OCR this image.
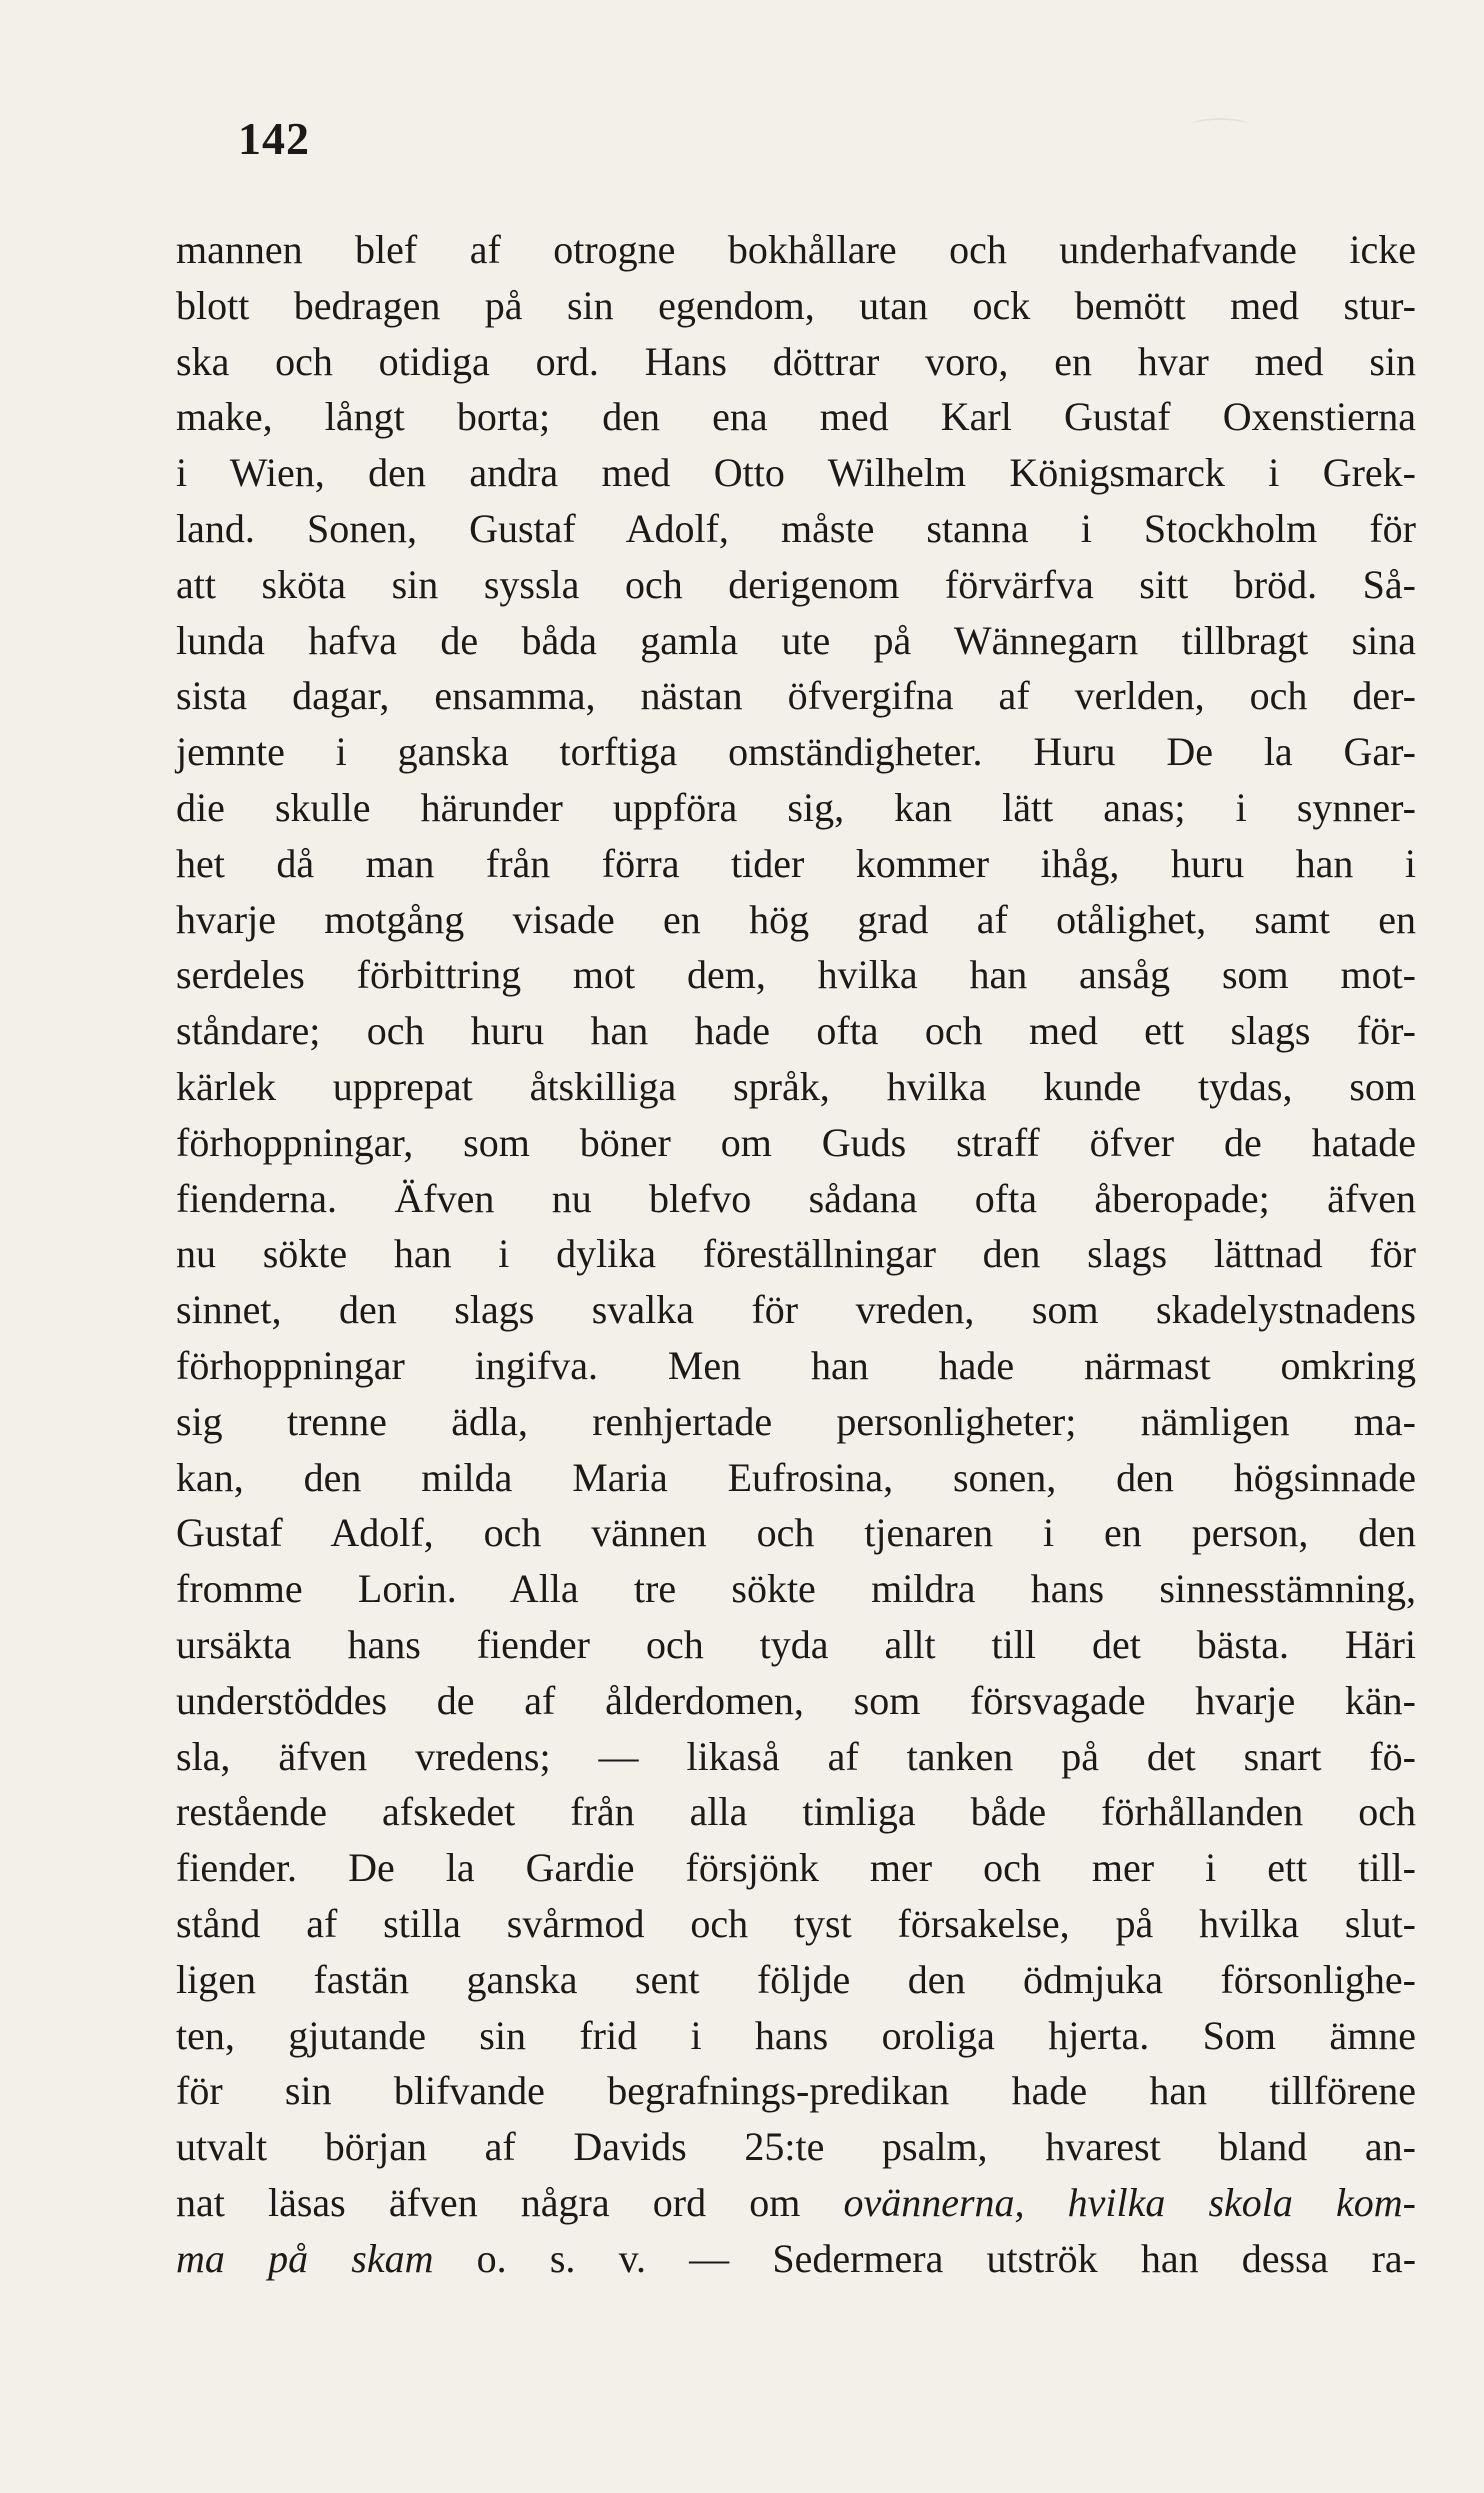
142
mannen blef af otrogne bokhållare och underhafvande icke
blott bedragen på sin egendom, utan ock bemött med stur-
ska och otidiga ord. Hans döttrar voro, en hvar med sin
make, långt borta; den ena med Karl Gustaf Oxenstierna
i Wien, den andra med Otto Wilhelm Königsmarck i Grek-
land. Sonen, Gustaf Adolf, måste stanna i Stockholm för
att sköta sin syssla och derigenom förvärfva sitt bröd. Så-
lunda hafva de båda gamla ute på Wännegarn tillbragt sina
sista dagar, ensamma, nästan öfvergifna af verlden, och der-
jemnte i ganska torftiga omständigheter. Huru De la Gar-
die skulle härunder uppföra sig, kan lätt anas; i synner-
het då man från förra tider kommer ihåg, huru han i
hvarje motgång visade en hög grad af otålighet, samt en
serdeles förbittring mot dem, hvilka han ansåg som mot-
ståndare; och huru han hade ofta och med ett slags för-
kärlek upprepat åtskilliga språk, hvilka kunde tydas, som
förhoppningar, som böner om Guds straff öfver de hatade
fienderna. Äfven nu blefvo sådana ofta åberopade; äfven
nu sökte han i dylika föreställningar den slags lättnad för
sinnet, den slags svalka för vreden, som skadelystnadens
förhoppningar ingifva. Men han hade närmast omkring
sig trenne ädla, renhjertade personligheter; nämligen ma-
kan, den milda Maria Eufrosina, sonen, den högsinnade
Gustaf Adolf, och vännen och tjenaren i en person, den
fromme Lorin. Alla tre sökte mildra hans sinnesstämning,
ursäkta hans fiender och tyda allt till det bästa. Häri
understöddes de af ålderdomen, som försvagade hvarje kän-
sla, äfven vredens; — likaså af tanken på det snart fö-
restående afskedet från alla timliga både förhållanden och
fiender. De la Gardie försjönk mer och mer i ett till-
stånd af stilla svårmod och tyst försakelse, på hvilka slut-
ligen fastän ganska sent följde den ödmjuka försonlighe-
ten, gjutande sin frid i hans oroliga hjerta. Som ämne
för sin blifvande begrafnings-predikan hade han tillförene
utvalt början af Davids 25:te psalm, hvarest bland an-
nat läsas äfven några ord om ovännerna, hvilka skola kom-
ma på skam o. s. v. — Sedermera utströk han dessa ra-
